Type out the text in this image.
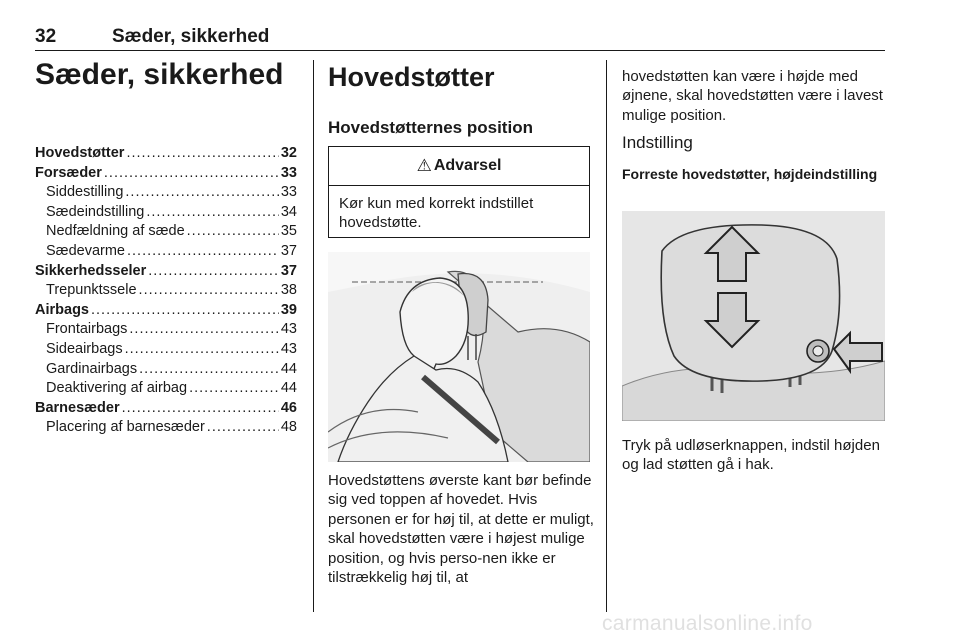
32	Sæder, sikkerhed
Sæder, sikkerhed
Hovedstøtter .....	32
Forsæder .....	33
Siddestilling .....	33
Sædeindstilling .....	34
Nedfældning af sæde .....	35
Sædevarme .....	37
Sikkerhedsseler .....	37
Trepunktssele .....	38
Airbags .....	39
Frontairbags .....	43
Sideairbags .....	43
Gardinairbags .....	44
Deaktivering af airbag .....	44
Barnesæder .....	46
Placering af barnesæder .....	48
Hovedstøtter
Hovedstøtternes position
⚠ Advarsel
Kør kun med korrekt indstillet hovedstøtte.
Hovedstøttens øverste kant bør befinde sig ved toppen af hovedet. Hvis personen er for høj til, at dette er muligt, skal hovedstøtten være i højest mulige position, og hvis perso-nen ikke er tilstrækkelig høj til, at
hovedstøtten kan være i højde med øjnene, skal hovedstøtten være i lavest mulige position.
Indstilling
Forreste hovedstøtter, højdeindstilling
Tryk på udløserknappen, indstil højden og lad støtten gå i hak.
carmanualsonline.info
